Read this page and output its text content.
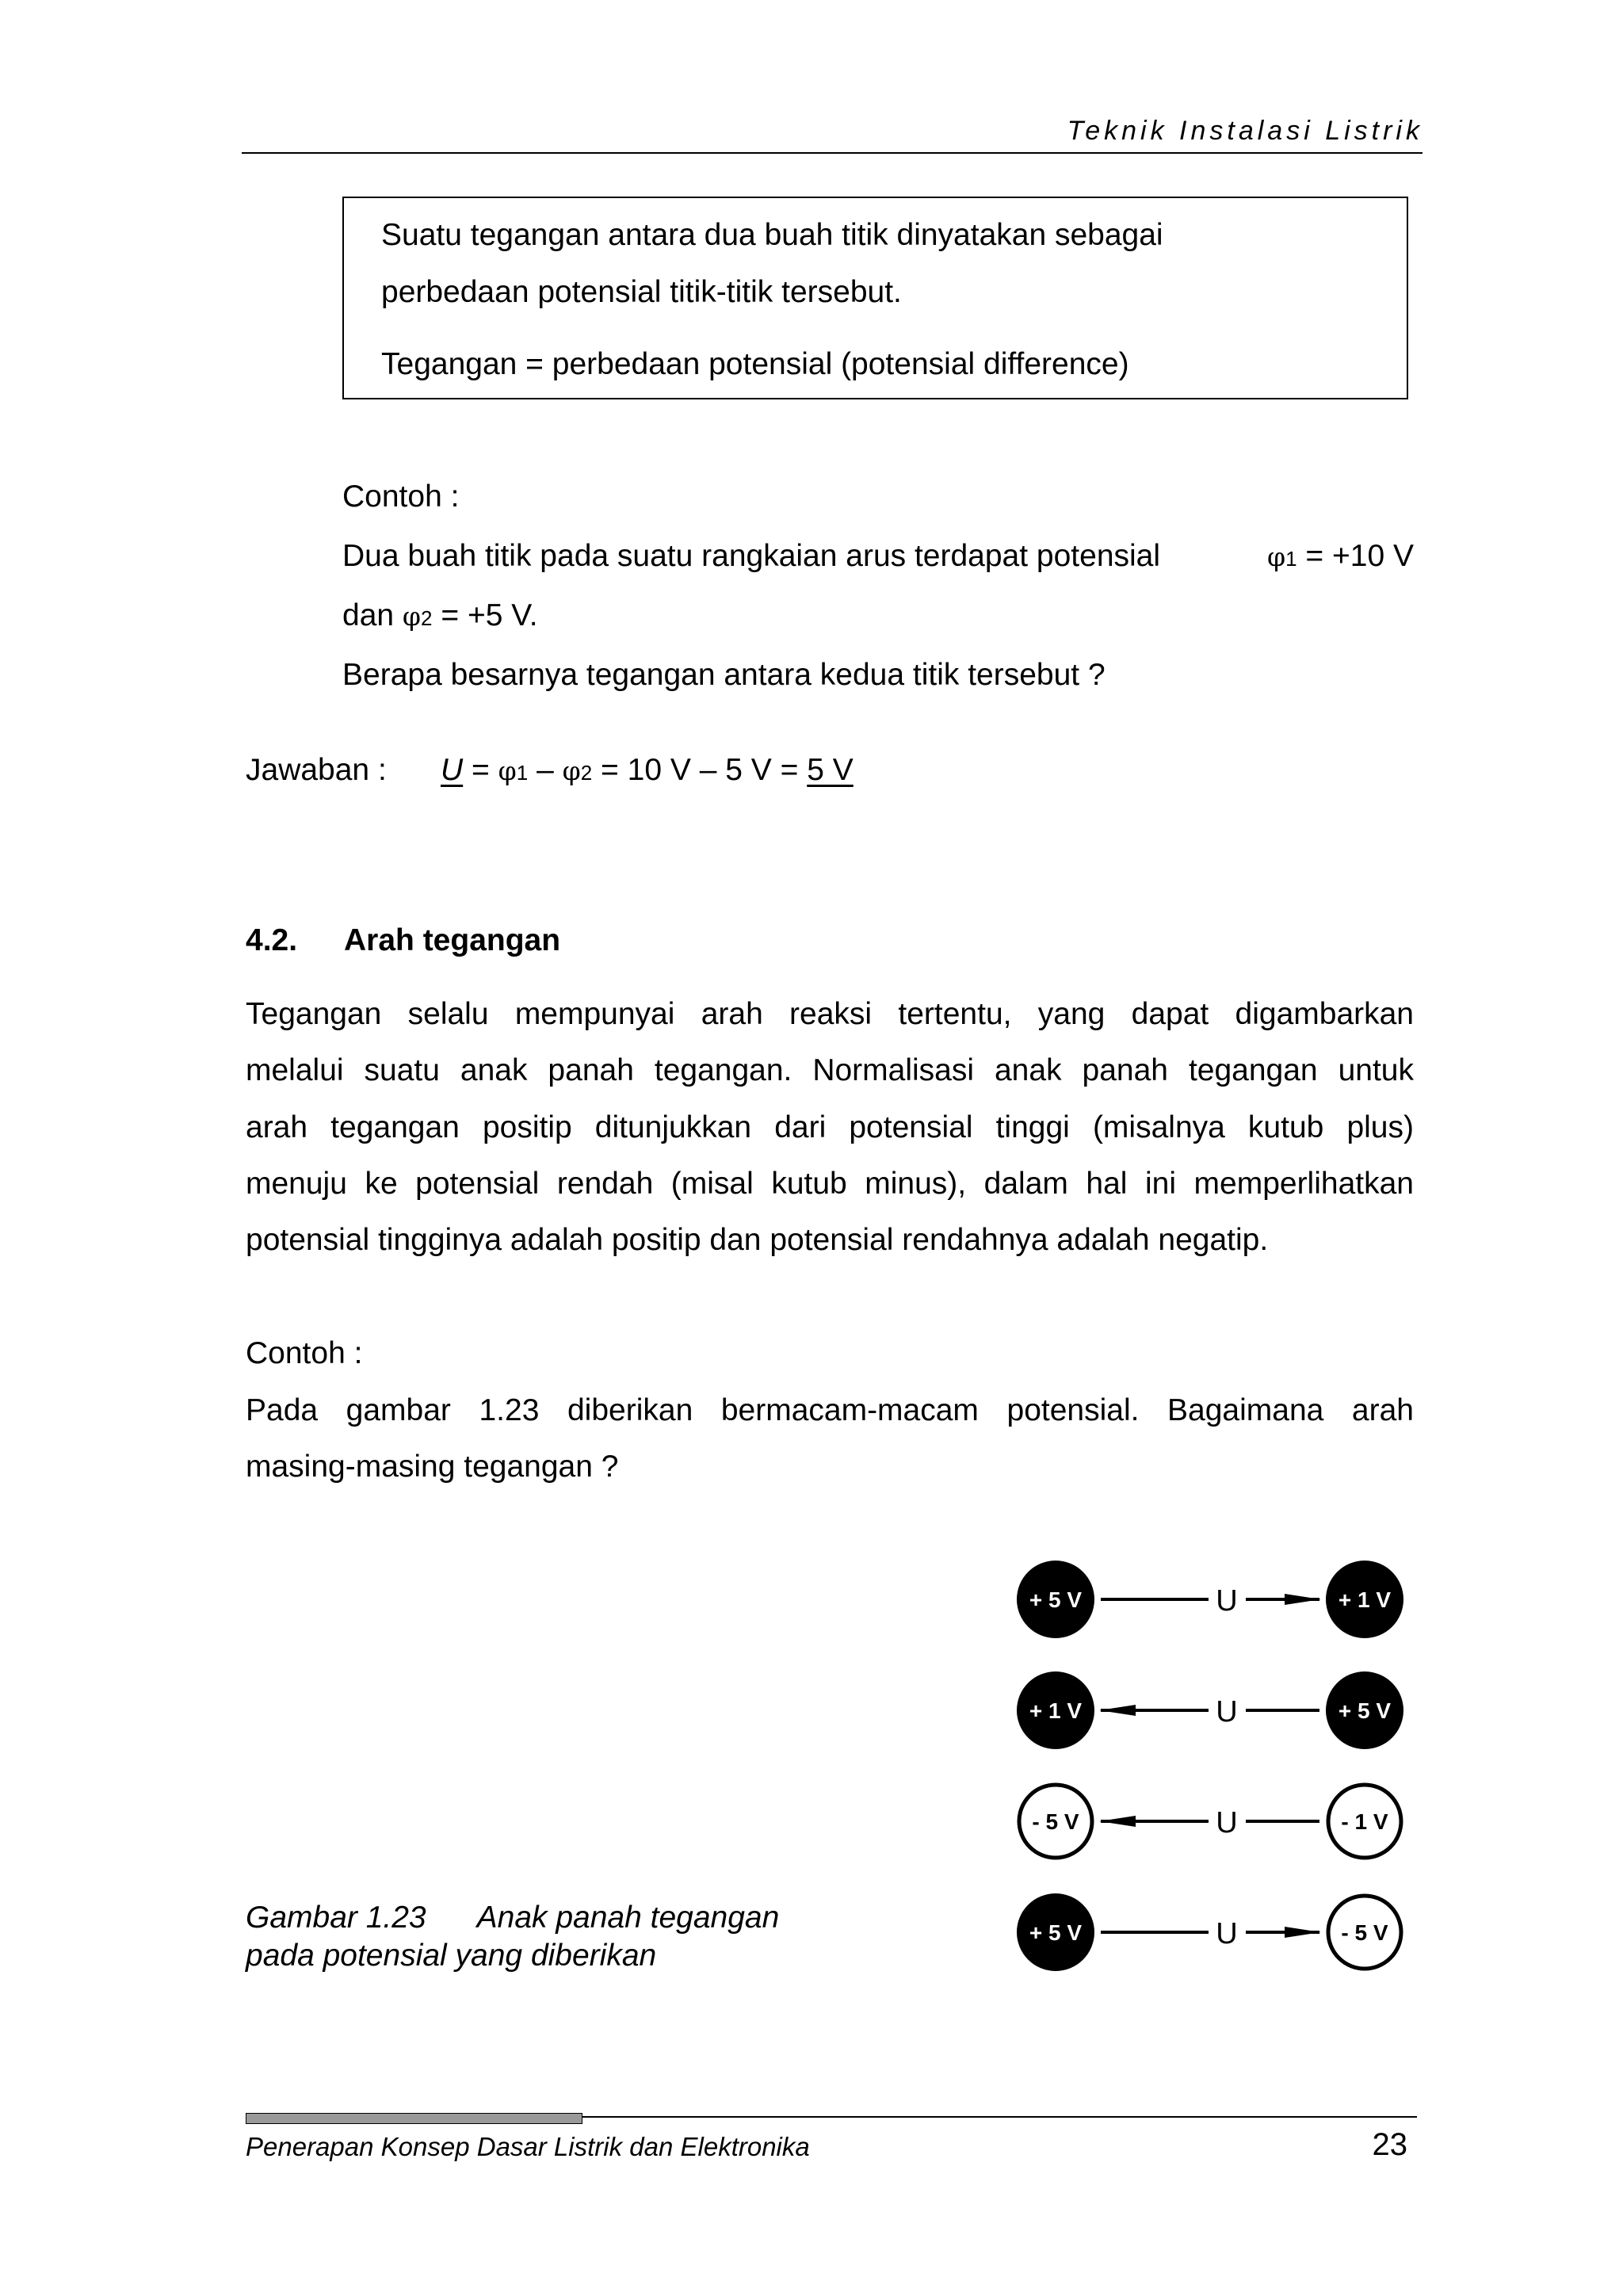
Teknik Instalasi Listrik
Suatu tegangan antara dua buah titik dinyatakan sebagai
perbedaan potensial titik-titik tersebut.
Tegangan = perbedaan potensial (potensial difference)
Contoh :
Dua buah titik pada suatu rangkaian arus terdapat potensial	φ1 = +10 V
dan φ2 = +5 V.
Berapa besarnya tegangan antara kedua titik tersebut ?
Jawaban : U = φ1 – φ2 = 10 V – 5 V = 5 V
4.2. Arah tegangan
Tegangan selalu mempunyai arah reaksi tertentu, yang dapat digambarkan
melalui suatu anak panah tegangan. Normalisasi anak panah tegangan untuk
arah tegangan positip ditunjukkan dari potensial tinggi (misalnya kutub plus)
menuju ke potensial rendah (misal kutub minus), dalam hal ini memperlihatkan
potensial tingginya adalah positip dan potensial rendahnya adalah negatip.
Contoh :
Pada gambar 1.23 diberikan bermacam-macam potensial. Bagaimana arah
masing-masing tegangan ?
Gambar 1.23 Anak panah tegangan
pada potensial yang diberikan
U
+ 5 V	+ 1 V
U
+ 1 V	+ 5 V
U
- 5 V	- 1 V
U
+ 5 V	- 5 V
Penerapan Konsep Dasar Listrik dan Elektronika	23
